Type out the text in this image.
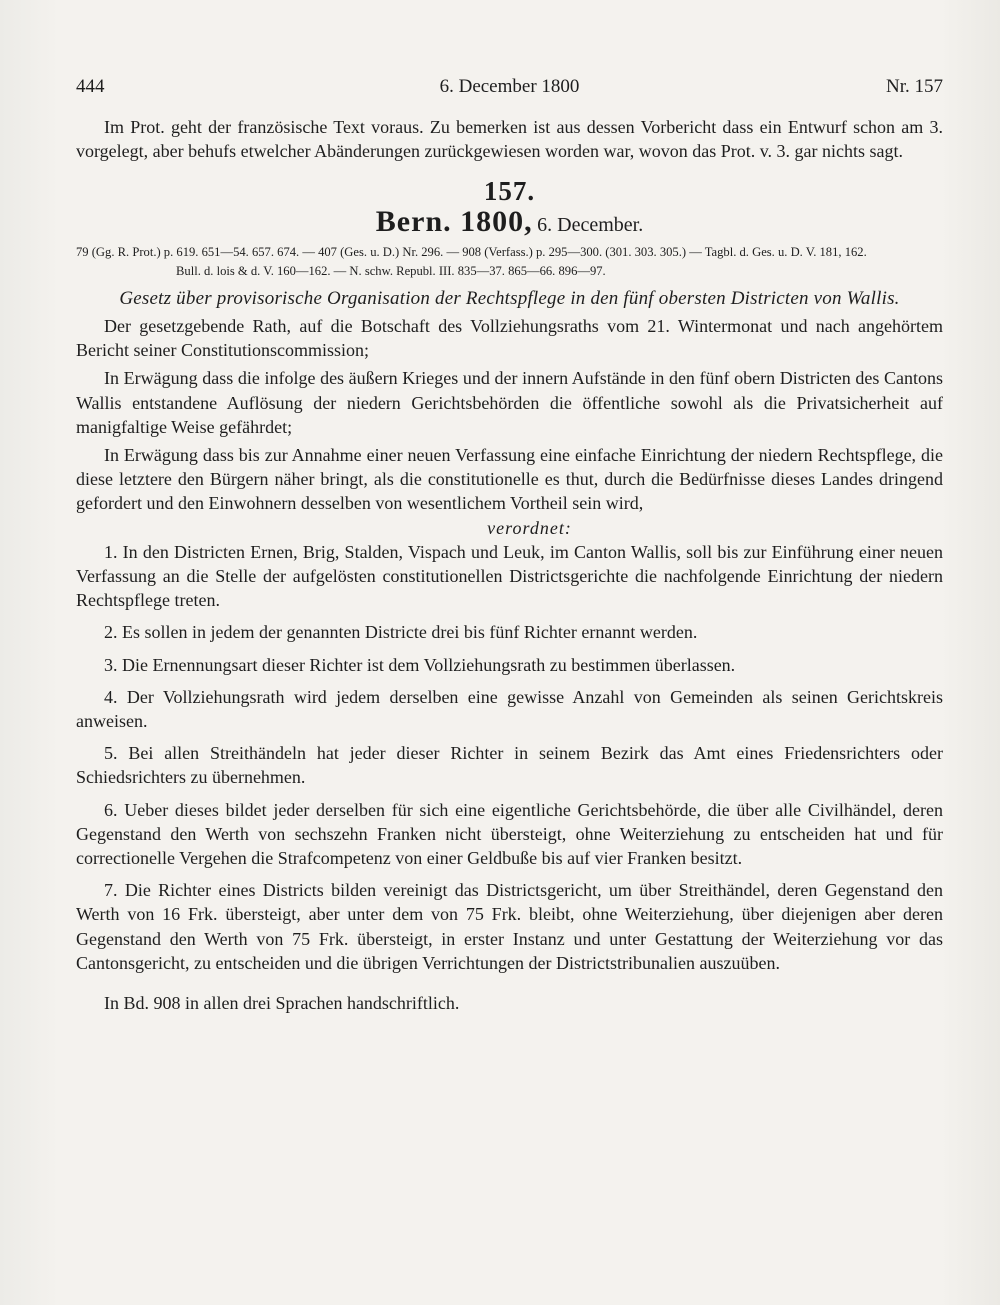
444	6. December 1800	Nr. 157

Im Prot. geht der französische Text voraus. Zu bemerken ist aus dessen Vorbericht dass ein Entwurf schon am 3. vorgelegt, aber behufs etwelcher Abänderungen zurückgewiesen worden war, wovon das Prot. v. 3. gar nichts sagt.

157.
Bern. 1800, 6. December.
79 (Gg. R. Prot.) p. 619. 651—54. 657. 674. — 407 (Ges. u. D.) Nr. 296. — 908 (Verfass.) p. 295—300. (301. 303. 305.) — Tagbl. d. Ges. u. D. V. 181, 162.
Bull. d. lois & d. V. 160—162. — N. schw. Republ. III. 835—37. 865—66. 896—97.
Gesetz über provisorische Organisation der Rechtspflege in den fünf obersten Districten von Wallis.

Der gesetzgebende Rath, auf die Botschaft des Vollziehungsraths vom 21. Wintermonat und nach angehörtem Bericht seiner Constitutionscommission;

In Erwägung dass die infolge des äußern Krieges und der innern Aufstände in den fünf obern Districten des Cantons Wallis entstandene Auflösung der niedern Gerichtsbehörden die öffentliche sowohl als die Privatsicherheit auf manigfaltige Weise gefährdet;

In Erwägung dass bis zur Annahme einer neuen Verfassung eine einfache Einrichtung der niedern Rechtspflege, die diese letztere den Bürgern näher bringt, als die constitutionelle es thut, durch die Bedürfnisse dieses Landes dringend gefordert und den Einwohnern desselben von wesentlichem Vortheil sein wird,

verordnet:

1. In den Districten Ernen, Brig, Stalden, Vispach und Leuk, im Canton Wallis, soll bis zur Einführung einer neuen Verfassung an die Stelle der aufgelösten constitutionellen Districtsgerichte die nachfolgende Einrichtung der niedern Rechtspflege treten.

2. Es sollen in jedem der genannten Districte drei bis fünf Richter ernannt werden.

3. Die Ernennungsart dieser Richter ist dem Vollziehungsrath zu bestimmen überlassen.

4. Der Vollziehungsrath wird jedem derselben eine gewisse Anzahl von Gemeinden als seinen Gerichtskreis anweisen.

5. Bei allen Streithändeln hat jeder dieser Richter in seinem Bezirk das Amt eines Friedensrichters oder Schiedsrichters zu übernehmen.

6. Ueber dieses bildet jeder derselben für sich eine eigentliche Gerichtsbehörde, die über alle Civilhändel, deren Gegenstand den Werth von sechszehn Franken nicht übersteigt, ohne Weiterziehung zu entscheiden hat und für correctionelle Vergehen die Strafcompetenz von einer Geldbuße bis auf vier Franken besitzt.

7. Die Richter eines Districts bilden vereinigt das Districtsgericht, um über Streithändel, deren Gegenstand den Werth von 16 Frk. übersteigt, aber unter dem von 75 Frk. bleibt, ohne Weiterziehung, über diejenigen aber deren Gegenstand den Werth von 75 Frk. übersteigt, in erster Instanz und unter Gestattung der Weiterziehung vor das Cantonsgericht, zu entscheiden und die übrigen Verrichtungen der Districtstribunalien auszuüben.

In Bd. 908 in allen drei Sprachen handschriftlich.
